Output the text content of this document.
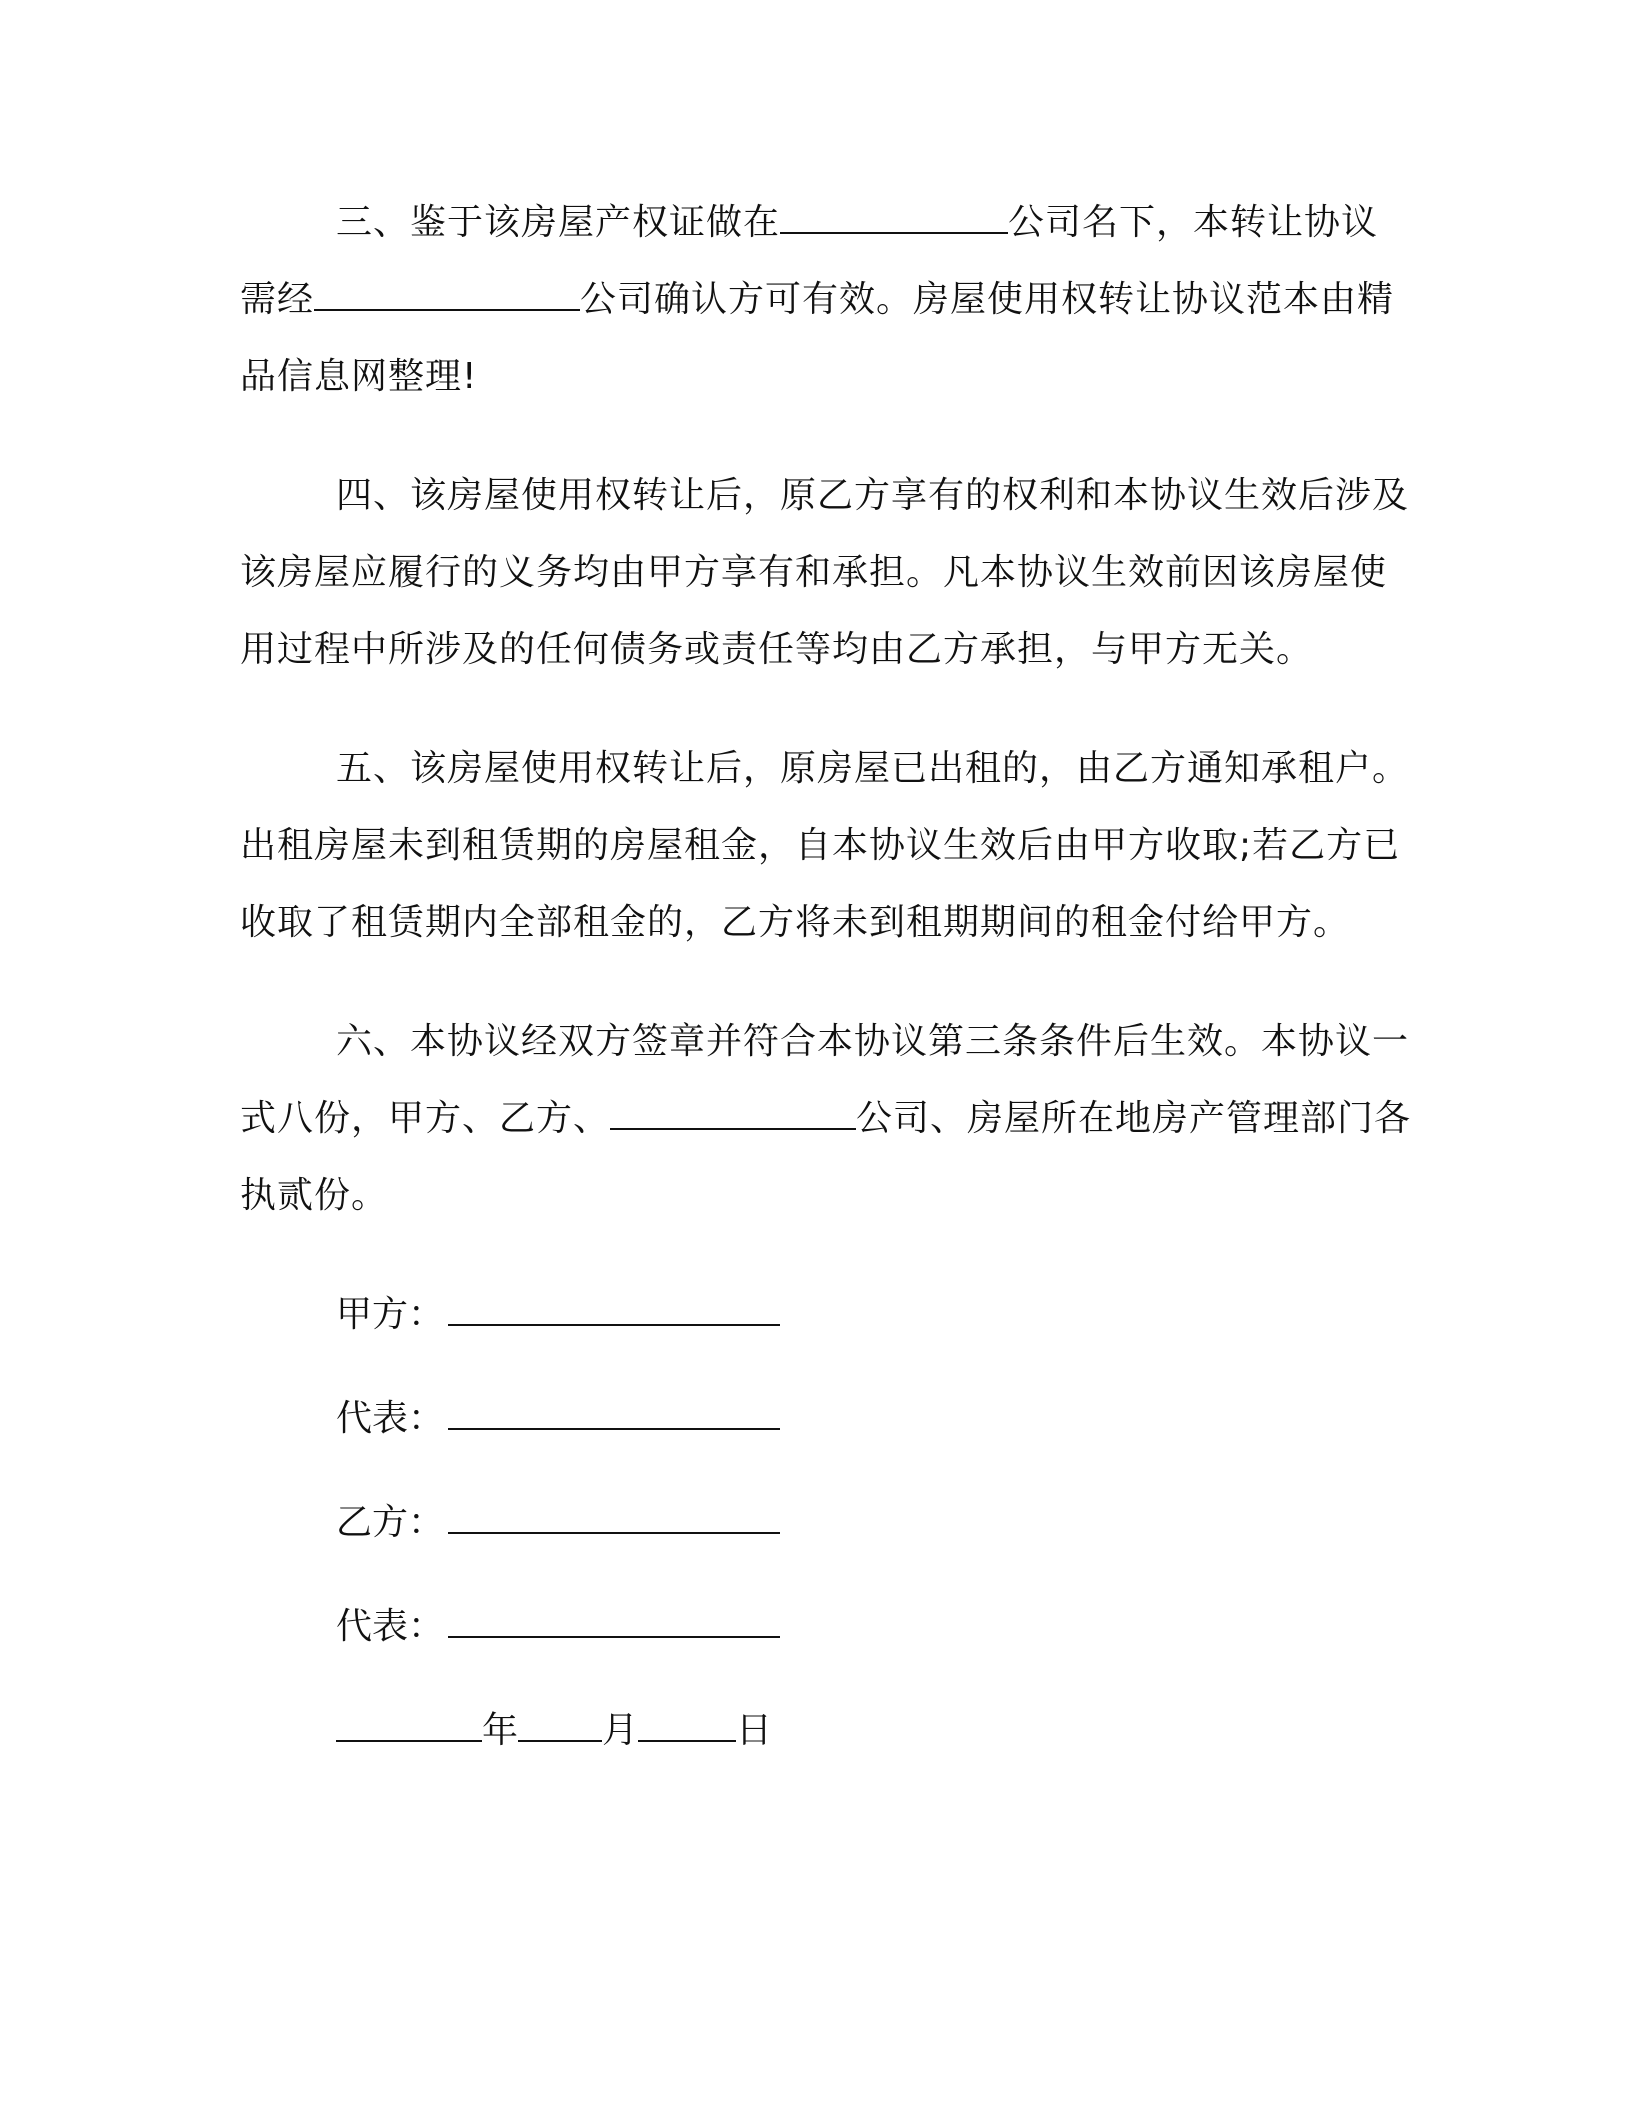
三、鉴于该房屋产权证做在	公司名下，本转让协议需经	公司确认方可有效。房屋使用权转让协议范本由精品信息网整理!

四、该房屋使用权转让后，原乙方享有的权利和本协议生效后涉及该房屋应履行的义务均由甲方享有和承担。凡本协议生效前因该房屋使用过程中所涉及的任何债务或责任等均由乙方承担，与甲方无关。

五、该房屋使用权转让后，原房屋已出租的，由乙方通知承租户。出租房屋未到租赁期的房屋租金，自本协议生效后由甲方收取;若乙方已收取了租赁期内全部租金的，乙方将未到租期期间的租金付给甲方。

六、本协议经双方签章并符合本协议第三条条件后生效。本协议一式八份，甲方、乙方、	公司、房屋所在地房产管理部门各执贰份。

甲方：
代表：
乙方：
代表：
年 月	日
